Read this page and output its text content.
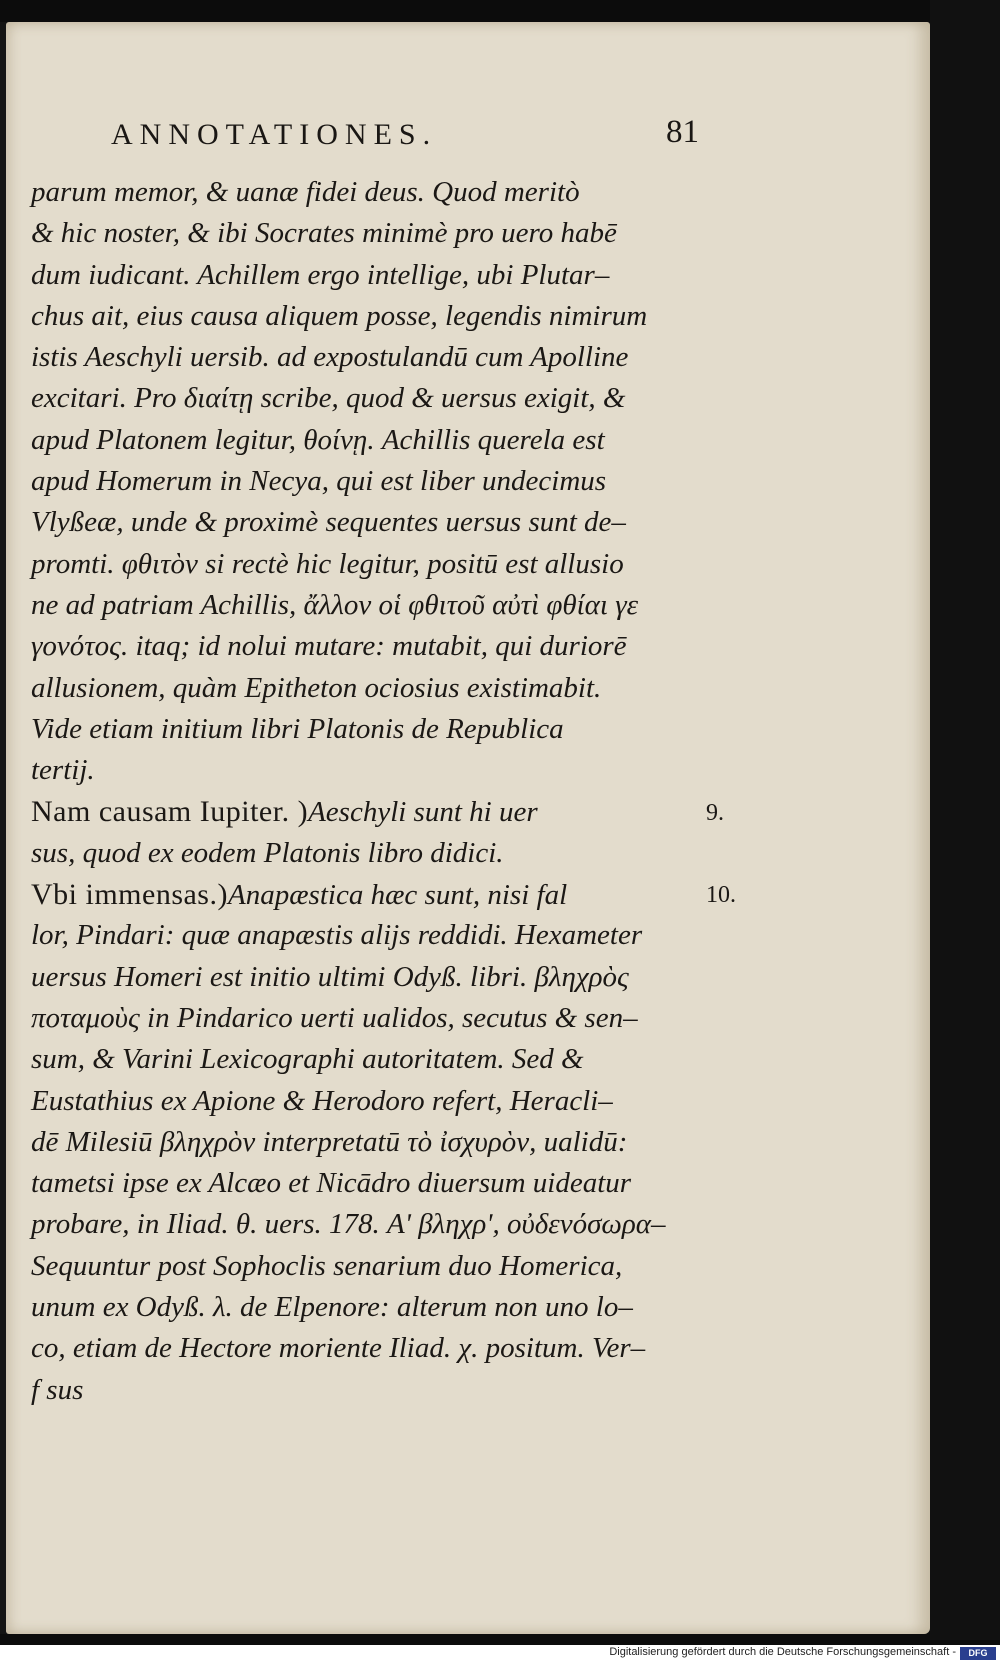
ANNOTATIONES.	81
parum memor, & uanæ fidei deus. Quod meritò
& hic noster, & ibi Socrates minimè pro uero habē
dum iudicant. Achillem ergo intellige, ubi Plutar–
chus ait, eius causa aliquem posse, legendis nimirum
istis Aeschyli uersib. ad expostulandū cum Apolline
excitari. Pro διαίτῃ scribe, quod & uersus exigit, &
apud Platonem legitur, θοίνῃ. Achillis querela est
apud Homerum in Necya, qui est liber undecimus
Vlyßeæ, unde & proximè sequentes uersus sunt de–
promti. φθιτὸν si rectè hic legitur, positū est allusio
ne ad patriam Achillis, ἄλλον οἱ φθιτοῦ αὐτὶ φθίαι γε
γονότος. itaq; id nolui mutare: mutabit, qui duriorē
allusionem, quàm Epitheton ociosius existimabit.
Vide etiam initium libri Platonis de Republica
tertij.
Nam causam Iupiter. )Aeschyli sunt hi uer
sus, quod ex eodem Platonis libro didici.
Vbi immensas.)Anapæstica hæc sunt, nisi fal
lor, Pindari: quæ anapæstis alijs reddidi. Hexameter
uersus Homeri est initio ultimi Odyß. libri. βληχρὸς
ποταμοὺς in Pindarico uerti ualidos, secutus & sen–
sum, & Varini Lexicographi autoritatem. Sed &
Eustathius ex Apione & Herodoro refert, Heracli–
dē Milesiū βληχρὸν interpretatū τὸ ἰσχυρὸν, ualidū:
tametsi ipse ex Alcæo et Nicādro diuersum uideatur
probare, in Iliad. θ. uers. 178. Αʹ βληχρʹ, οὐδενόσωρα–
Sequuntur post Sophoclis senarium duo Homerica,
unum ex Odyß. λ. de Elpenore: alterum non uno lo–
co, etiam de Hectore moriente Iliad. χ. positum. Ver–
f sus
9.
10.
Digitalisierung gefördert durch die Deutsche Forschungsgemeinschaft -	DFG
